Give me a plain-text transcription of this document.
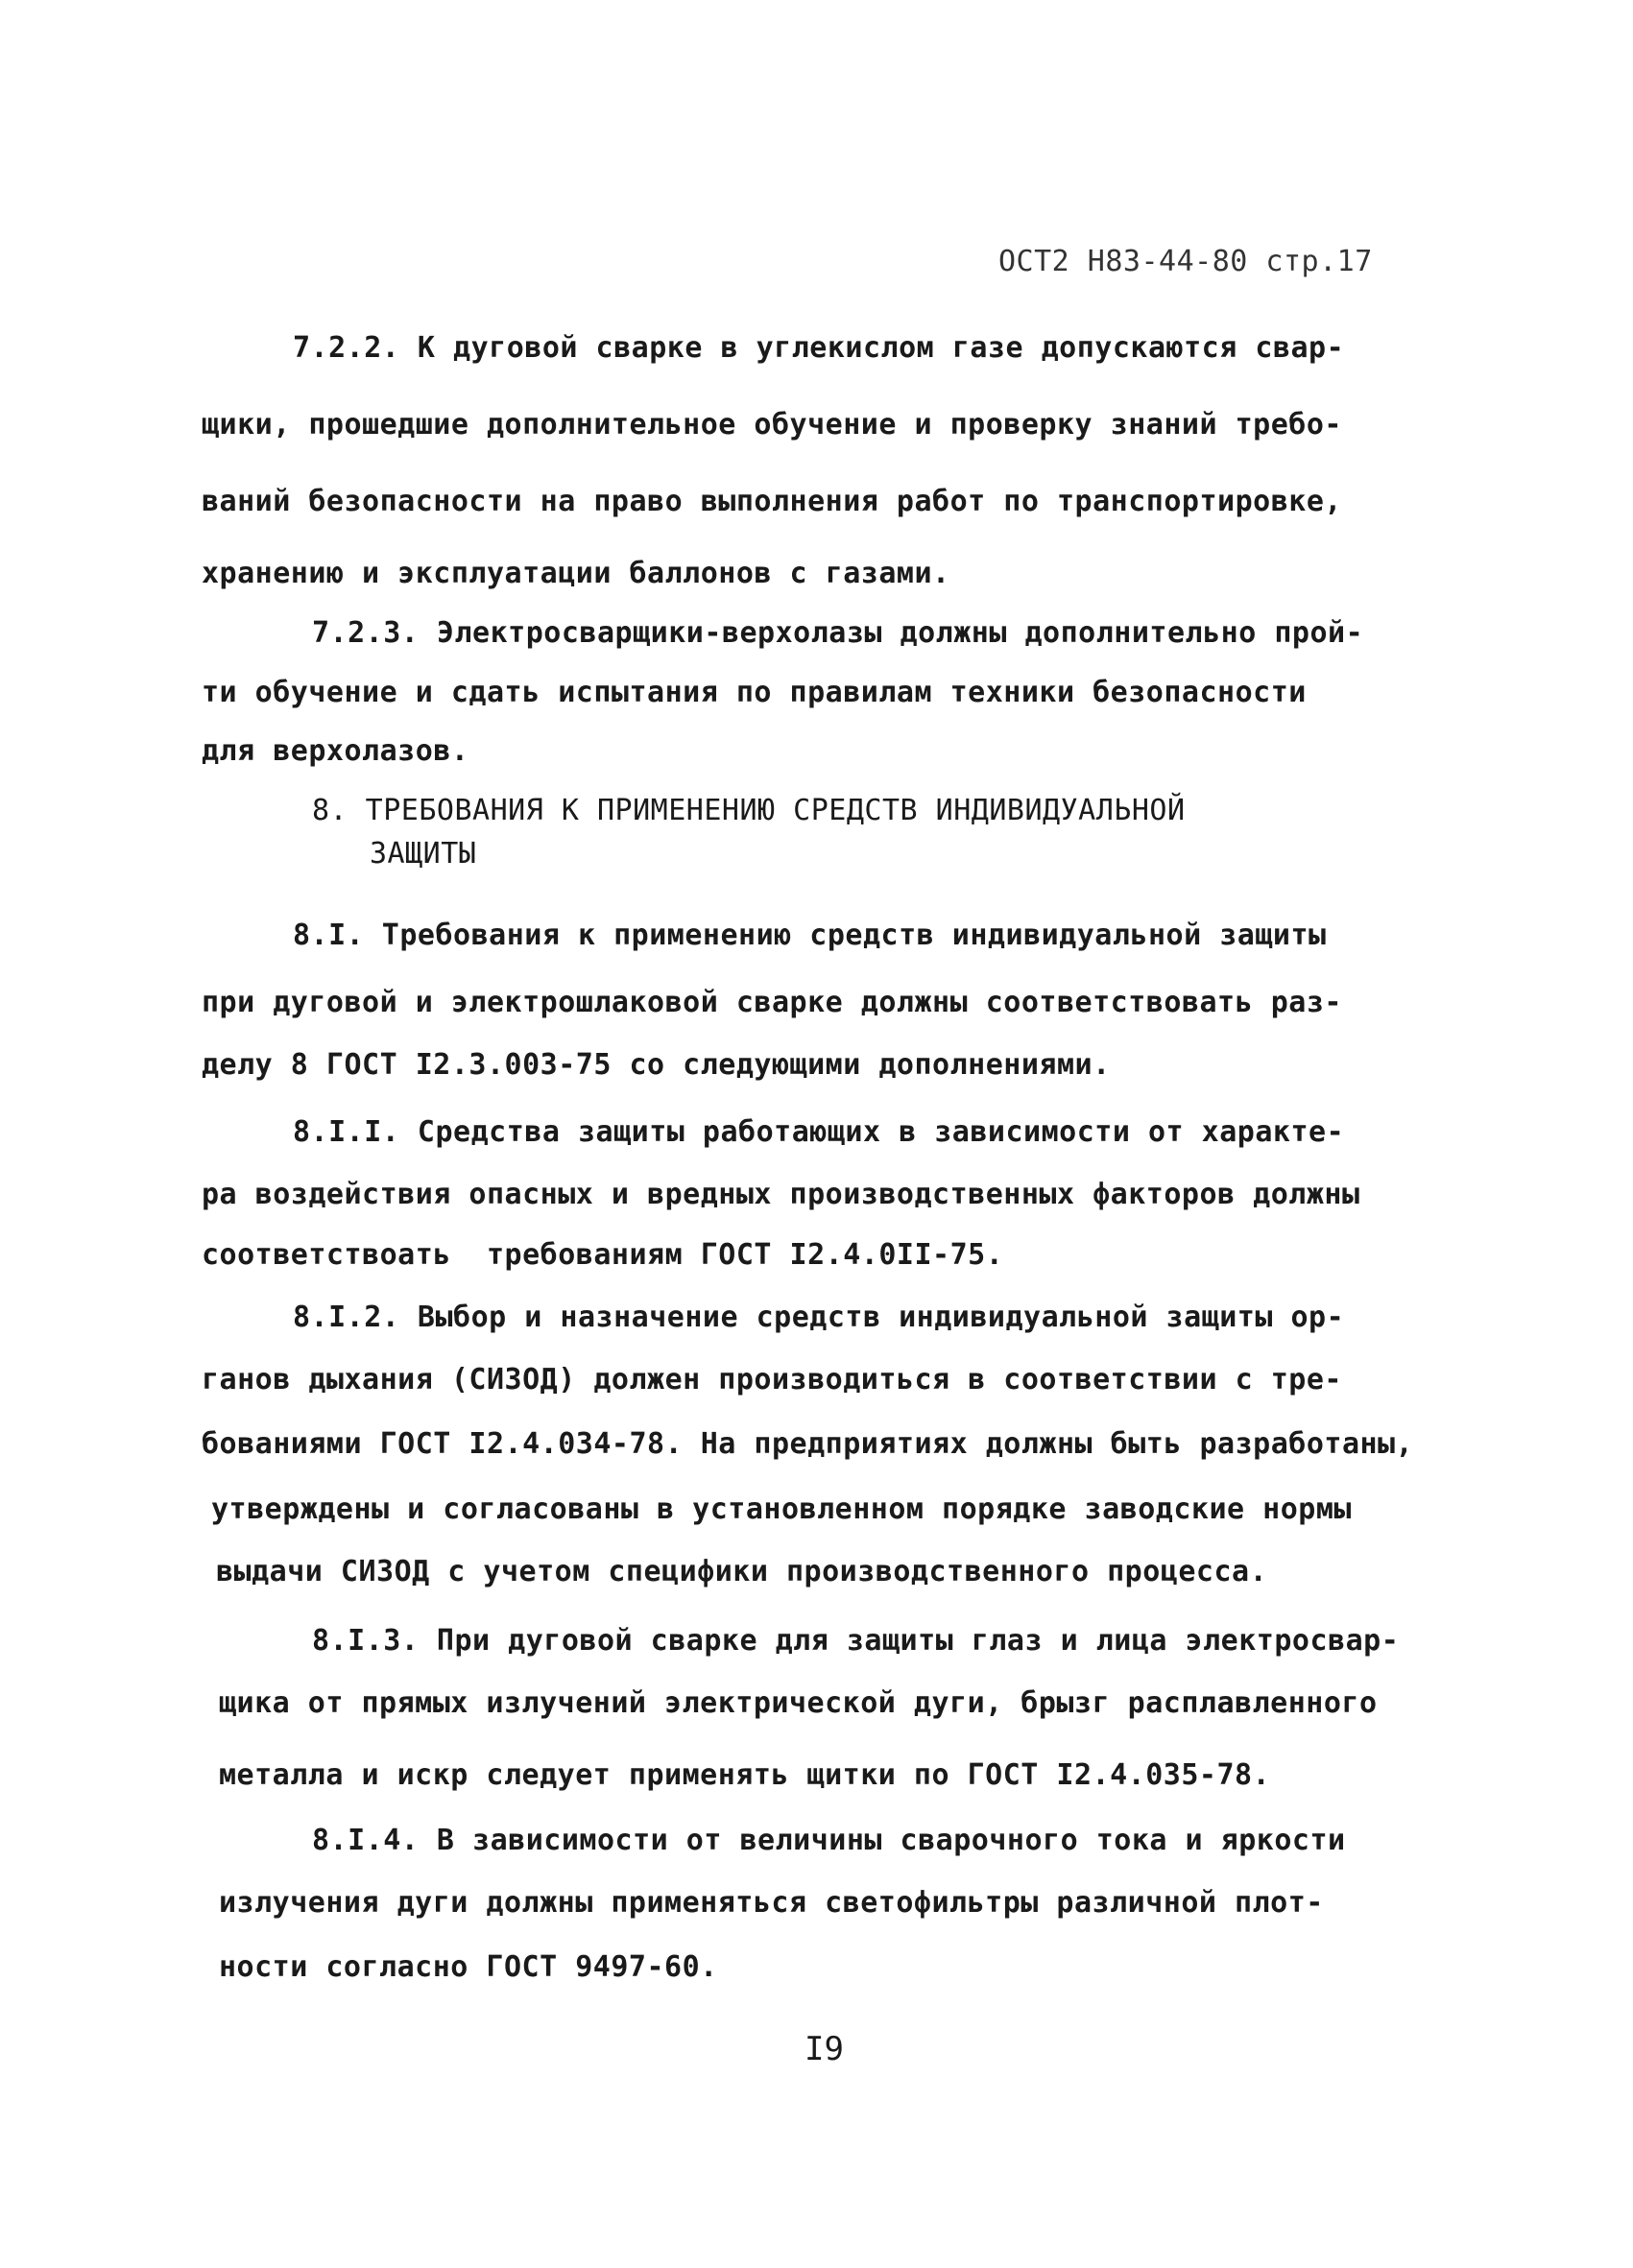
ОСТ2 Н83-44-80 стр.17
7.2.2. К дуговой сварке в углекислом газе допускаются свар-
щики, прошедшие дополнительное обучение и проверку знаний требо-
ваний безопасности на право выполнения работ по транспортировке,
хранению и эксплуатации баллонов с газами.
7.2.3. Электросварщики-верхолазы должны дополнительно прой-
ти обучение и сдать испытания по правилам техники безопасности
для верхолазов.
8. ТРЕБОВАНИЯ К ПРИМЕНЕНИЮ СРЕДСТВ ИНДИВИДУАЛЬНОЙ
ЗАЩИТЫ
8.I. Требования к применению средств индивидуальной защиты
при дуговой и электрошлаковой сварке должны соответствовать раз-
делу 8 ГОСТ I2.3.003-75 со следующими дополнениями.
8.I.I. Средства защиты работающих в зависимости от характе-
ра воздействия опасных и вредных производственных факторов должны
соответствоать  требованиям ГОСТ I2.4.0II-75.
8.I.2. Выбор и назначение средств индивидуальной защиты ор-
ганов дыхания (СИЗОД) должен производиться в соответствии с тре-
бованиями ГОСТ I2.4.034-78. На предприятиях должны быть разработаны,
утверждены и согласованы в установленном порядке заводские нормы
выдачи СИЗОД с учетом специфики производственного процесса.
8.I.3. При дуговой сварке для защиты глаз и лица электросвар-
щика от прямых излучений электрической дуги, брызг расплавленного
металла и искр следует применять щитки по ГОСТ I2.4.035-78.
8.I.4. В зависимости от величины сварочного тока и яркости
излучения дуги должны применяться светофильтры различной плот-
ности согласно ГОСТ 9497-60.
I9
